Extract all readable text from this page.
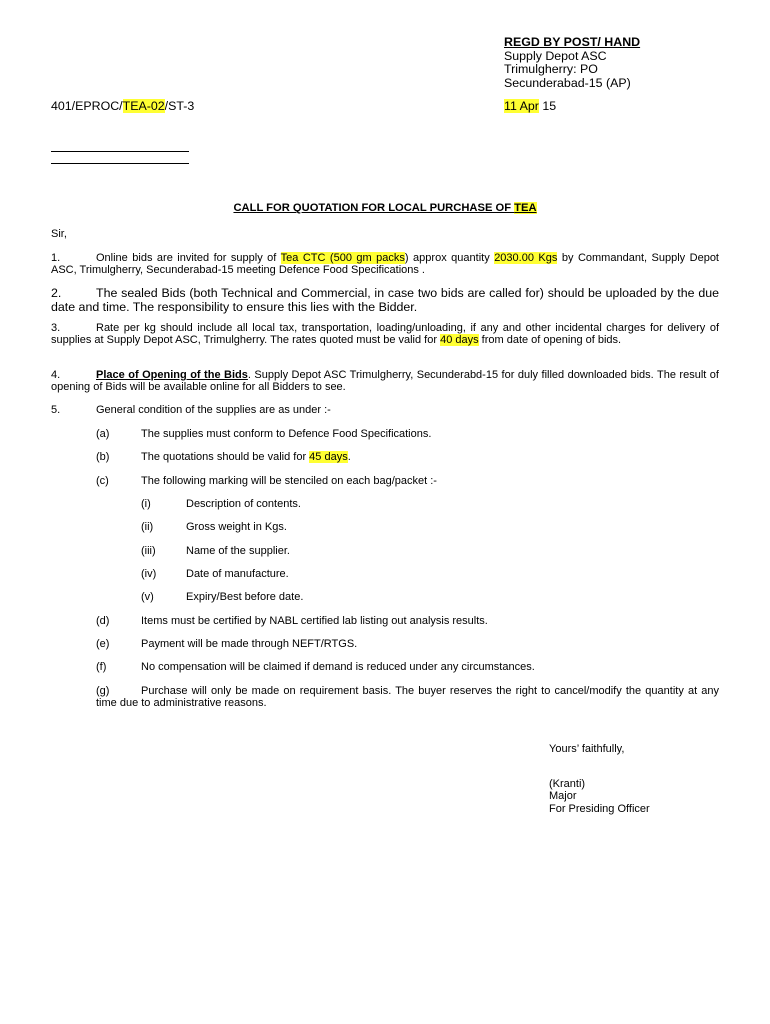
REGD BY POST/ HAND
Supply Depot ASC
Trimulgherry: PO
Secunderabad-15 (AP)
401/EPROC/TEA-02/ST-3	11 Apr 15
CALL FOR QUOTATION FOR LOCAL PURCHASE OF TEA
Sir,
1.	Online bids are invited for supply of Tea CTC (500 gm packs) approx quantity 2030.00 Kgs by Commandant, Supply Depot ASC, Trimulgherry, Secunderabad-15 meeting Defence Food Specifications .
2.	The sealed Bids (both Technical and Commercial, in case two bids are called for) should be uploaded by the due date and time. The responsibility to ensure this lies with the Bidder.
3.	Rate per kg should include all local tax, transportation, loading/unloading, if any and other incidental charges for delivery of supplies at Supply Depot ASC, Trimulgherry. The rates quoted must be valid for 40 days from date of opening of bids.
4.	Place of Opening of the Bids. Supply Depot ASC Trimulgherry, Secunderabd-15 for duly filled downloaded bids. The result of opening of Bids will be available online for all Bidders to see.
5.	General condition of the supplies are as under :-
(a)	The supplies must conform to Defence Food Specifications.
(b)	The quotations should be valid for 45 days.
(c)	The following marking will be stenciled on each bag/packet :-
(i)	Description of contents.
(ii)	Gross weight in Kgs.
(iii)	Name of the supplier.
(iv)	Date of manufacture.
(v)	Expiry/Best before date.
(d)	Items must be certified by NABL certified lab listing out analysis results.
(e)	Payment will be made through NEFT/RTGS.
(f)	No compensation will be claimed if demand is reduced under any circumstances.
(g)	Purchase will only be made on requirement basis. The buyer reserves the right to cancel/modify the quantity at any time due to administrative reasons.
Yours’ faithfully,
(Kranti)
Major
For Presiding Officer
